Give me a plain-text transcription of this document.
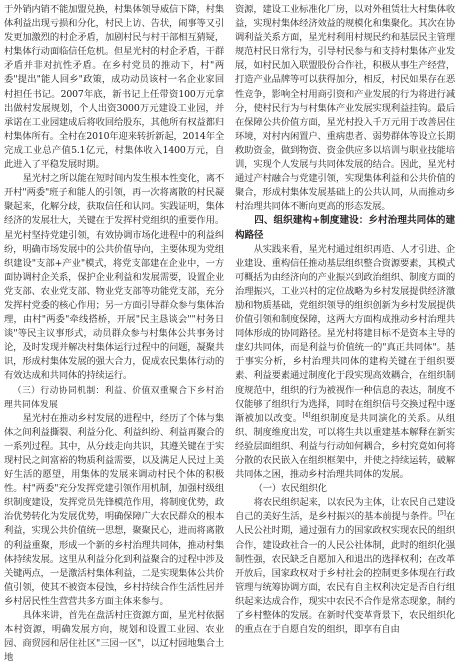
于外销内销不能加盟兑换，村集体领导威信下降，村集体利益出现亏损和分化，村民上访、告状，闹事等又引发更加激烈的村企矛盾，加剧村民与村干部相互猜疑，村集体行动面临信任危机。但星光村的村企矛盾，干群矛盾并非对抗性矛盾。在乡村党员的推动下，村"两委"提出"能人回乡"政策，成功动员该村一名企业家回村担任书记。2007年底，新书记上任带资100万元拿出做村发展规划，个人出资3000万元建设工业园，并承诺在工业园建成后将收回给股东，其他所有权益都归村集体所有。全村在2010年迎来转折新起，2014年全完成工业总产值5.1亿元，村集体收入1400万元，自此进入了平稳发展时期。

星光村之所以能在短时间内发生根本性变化，离不开村"两委"班子和能人的引领，再一次将离散的村民凝聚起来，化解分歧，获取信任和认同。实践证明，集体经济的发展壮大，关键在于发挥村党组织的重要作用。星光村坚持党建引领，有效协调市场化进程中的利益纠纷，明确市场发展中的公共价值导向，主要体现为党组织建设"支部+产业"模式，将党支部建在企业中，一方面协调村企关系，保护企业利益和发展需要，设置企业党支部、农业党支部、物业党支部等功能党支部，充分发挥村党委的核心作用；另一方面引导群众参与集体治理，由村"两委"牵线搭桥，开展"民主恳谈会""村务日谈"等民主议事形式，动员群众参与村集体公共事务讨论，及时发现并解决村集体运行过程中的问题，凝聚共识，形成村集体发展的强大合力，促成农民集体行动的有效达成和共同体的持续运行。

（三）行动协同机制：利益、价值双重聚合下乡村治理共同体发展

星光村在推动乡村发展的进程中，经历了个体与集体之间利益撕裂、利益分化、利益纠纷、利益再聚合的一系列过程。其中，从分歧走向共识，其遵关键在于实现村民之间富裕的物质利益需要，以及满足人民过上美好生活的愿望，用集体的发展来调动村民个体的积极性。村"两委"充分发挥党建引领作用机制，加强村级组织制度建设，发挥党员先锋模范作用，将制度优势，政治优势转化为发展优势，明确保障广大农民群众的根本利益，实现公共价值统一思想，聚聚民心，进而将离散的利益重聚，形成一个新的乡村治理共同体，推动村集体持续发展。这里从利益分化到利益聚合的过程中涉及关键两点，一是激活村集体利益，二是实现集体公共价值引领，使其不被资本侵蚀，乡村持续合作生活性居并乡村居民性生营营共多方面主体来参与。

具体来讲，首先在盘活村庄资源方面，星光村依据本村资源，明确发展方向，规划和设置工业园、农业园、商贸园和居住社区"三园一区"，以辽村园地集合土地

资源，建设工业标准化厂房，以对外租赁壮大村集体收益，实现村集体经济效益的规模化和集聚化。其次在协调利益关系方面，星光村利用村规民约和基层民主管理规范村民日常行为，引导村民参与和支持村集体产业发展，如村民加入联盟股份合作社，积极从事生产经营，打造产业品牌等可以获得加分，相反，村民如果存在恶性竞争，影响全村用商引资和产业发展的行为将进行减分，使村民行为与村集体产业发展实现利益挂钩。最后在保障公共价值方面，星光村投入千万元用于改善居住环境，对村内闲置户、重病患者、弱势群体等设立长期救助资金，做到物资、资金供应多以培训与职业技能培训，实现个人发展与共同体发展的结合。因此，星光村通过产村融合与党建引领，实现集体利益和公共价值的聚合，形成村集体发展基础上的公共认同，从而推动乡村治理共同体不断向更高的形态发展。

四、组织建构+制度建设：乡村治理共同体的建构路径

从实践来看，星光村通过组织再造、人才引进、企业建设、重构信任推动基层组织整合资源要素，其模式可概括为由经济向的产业振兴到政治组织、制度方面的治理振兴，工业兴村的定位战略为乡村发展提供经济激励和物质基础，党组织领导的组织创新为乡村发展提供价值引领和制度保障，这两大方面构成推动乡村治理共同体形成的协同路径。星光村将建目标不是资本主导的虚幻共同体，而是利益与价值统一的"真正共同体"。基于事实分析，乡村治理共同体的建构关键在于组织要素、利益要素通过制度化于段实现高效耦合，在组织制度规范中，组织的行为被视作一种信息的表达，制度不仅能够了组织行为选择，同时在组织信号交换过程中逐渐被加以改变。[4]组织制度是共同演化的关系。从组织、制度维度出发，可以将生共以重建基本解释在新实经验层面组织、利益与行动如何耦合，乡村究竟如何将分散的农民嵌入在组织框架中，并使之持续运转，破解共同体之困，推动乡村治理共同体的发展。

（一）农民组织化

将农民组织起来，以农民为主体，让农民自己建设自己的美好生活，是乡村振兴的基本前提与条件。[5]在人民公社时期，通过强有力的国家政权实现农民的组织合作，建设政社合一的人民公社体制，此时的组织化强制性强，农民缺乏自愿加入和退出的选择权利；在改革开放后，国家政权对于乡村社会的控制更多体现在行政管理与统筹协调方面，农民有自主权利决定是否自行组织起来达成合作，现实中农民不合作是常态现象，制约了乡村整体的发展。在新时代变革背景下，农民组织化的重点在于自愿自发的组织，即享有自由
